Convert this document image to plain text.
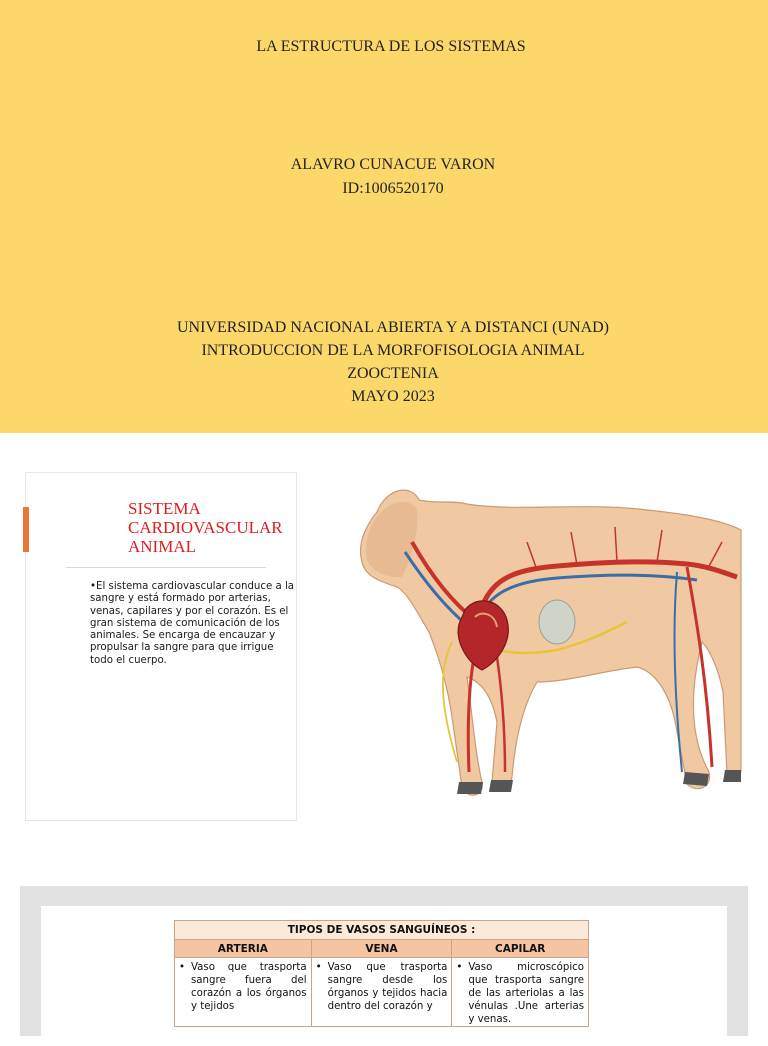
LA ESTRUCTURA DE LOS SISTEMAS
ALAVRO CUNACUE VARON
ID:1006520170
UNIVERSIDAD NACIONAL ABIERTA Y A DISTANCI (UNAD)
INTRODUCCION DE LA MORFOFISOLOGIA ANIMAL
ZOOCTENIA
MAYO 2023
SISTEMA
CARDIOVASCULAR
ANIMAL
•El sistema cardiovascular conduce a la sangre y está formado por arterias, venas, capilares y por el corazón. Es el gran sistema de comunicación de los animales. Se encarga de encauzar y propulsar la sangre para que irrigue todo el cuerpo.
TIPOS DE VASOS SANGUÍNEOS :		
ARTERIA	VENA	CAPILAR

• Vaso que trasporta sangre fuera del corazón a los órganos y tejidos	• Vaso que trasporta sangre desde los órganos y tejidos hacia dentro del corazón y	• Vaso microscópico que trasporta sangre de las arteriolas a las vénulas .Une arterias y venas.
